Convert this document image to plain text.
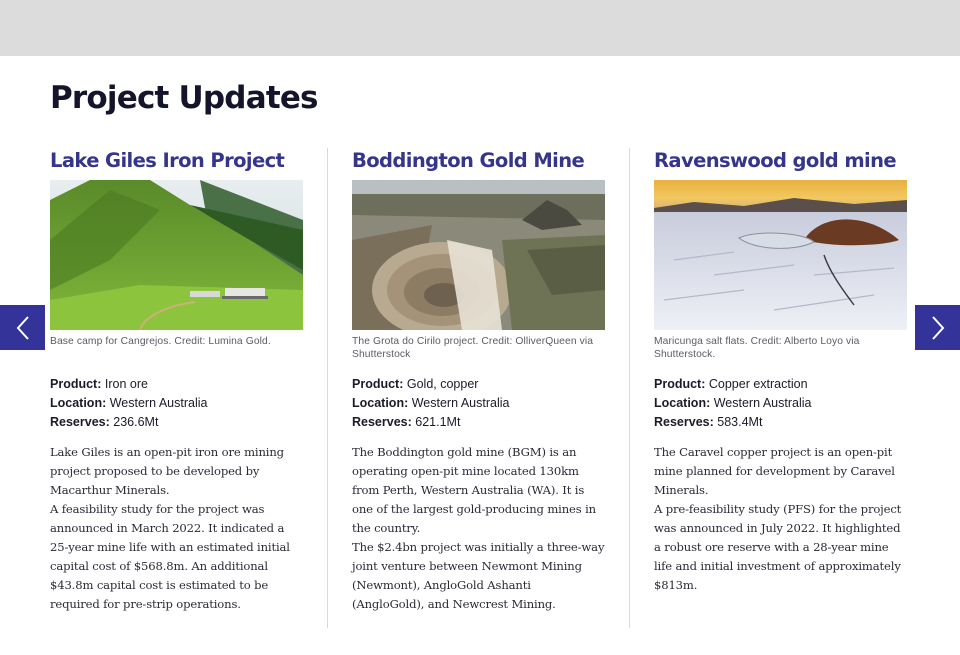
Project Updates
Lake Giles Iron Project

Base camp for Cangrejos. Credit: Lumina Gold.

Product: Iron ore
Location: Western Australia
Reserves: 236.6Mt

Lake Giles is an open-pit iron ore mining project proposed to be developed by Macarthur Minerals.
A feasibility study for the project was announced in March 2022. It indicated a 25-year mine life with an estimated initial capital cost of $568.8m. An additional $43.8m capital cost is estimated to be required for pre-strip operations.

Boddington Gold Mine

The Grota do Cirilo project. Credit: OlliverQueen via Shutterstock

Product: Gold, copper
Location: Western Australia
Reserves: 621.1Mt

The Boddington gold mine (BGM) is an operating open-pit mine located 130km from Perth, Western Australia (WA). It is one of the largest gold-producing mines in the country.
The $2.4bn project was initially a three-way joint venture between Newmont Mining (Newmont), AngloGold Ashanti (AngloGold), and Newcrest Mining.

Ravenswood gold mine

Maricunga salt flats. Credit: Alberto Loyo via Shutterstock.

Product: Copper extraction
Location: Western Australia
Reserves: 583.4Mt

The Caravel copper project is an open-pit mine planned for development by Caravel Minerals.
A pre-feasibility study (PFS) for the project was announced in July 2022. It highlighted a robust ore reserve with a 28-year mine life and initial investment of approximately $813m.
